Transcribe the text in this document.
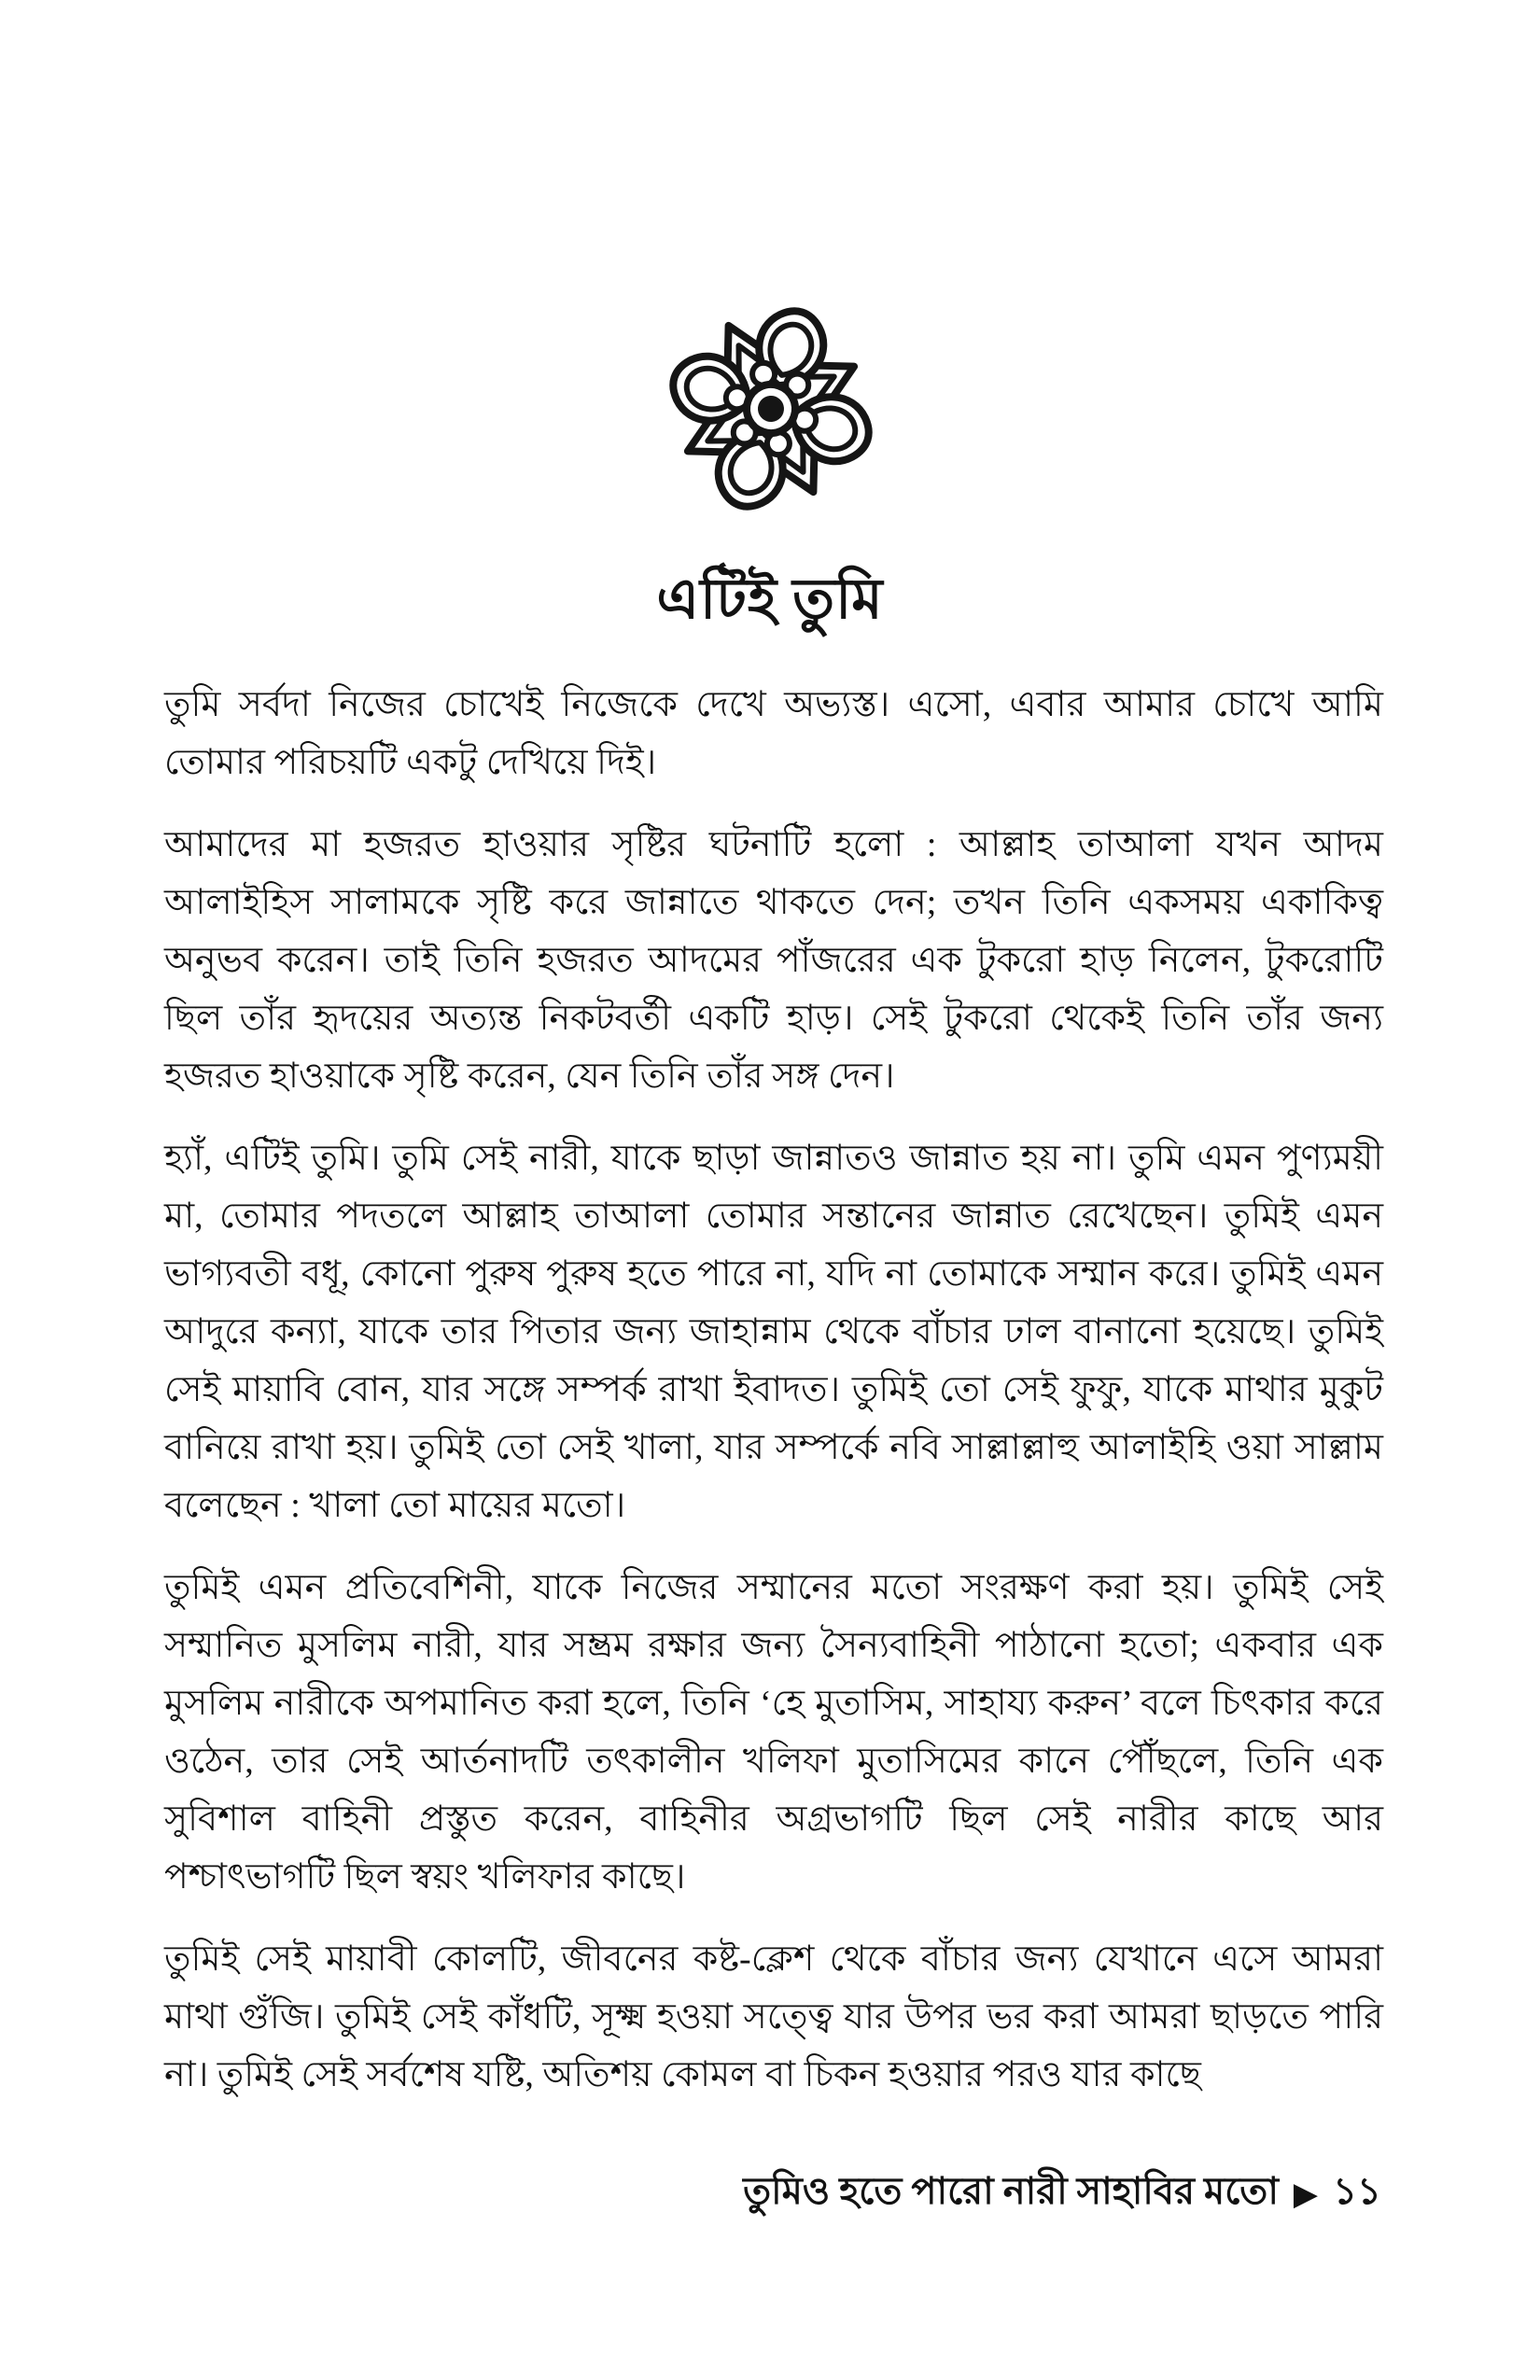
এটিই তুমি

তুমি সর্বদা নিজের চোখেই নিজেকে দেখে অভ্যস্ত। এসো, এবার আমার চোখে আমি তোমার পরিচয়টি একটু দেখিয়ে দিই।

আমাদের মা হজরত হাওয়ার সৃষ্টির ঘটনাটি হলো : আল্লাহ তাআলা যখন আদম আলাইহিস সালামকে সৃষ্টি করে জান্নাতে থাকতে দেন; তখন তিনি একসময় একাকিত্ব অনুভব করেন। তাই তিনি হজরত আদমের পাঁজরের এক টুকরো হাড় নিলেন, টুকরোটি ছিল তাঁর হৃদয়ের অত্যন্ত নিকটবর্তী একটি হাড়। সেই টুকরো থেকেই তিনি তাঁর জন্য হজরত হাওয়াকে সৃষ্টি করেন, যেন তিনি তাঁর সঙ্গ দেন।

হ্যাঁ, এটিই তুমি। তুমি সেই নারী, যাকে ছাড়া জান্নাতও জান্নাত হয় না। তুমি এমন পুণ্যময়ী মা, তোমার পদতলে আল্লাহ তাআলা তোমার সন্তানের জান্নাত রেখেছেন। তুমিই এমন ভাগ্যবতী বধূ, কোনো পুরুষ পুরুষ হতে পারে না, যদি না তোমাকে সম্মান করে। তুমিই এমন আদুরে কন্যা, যাকে তার পিতার জন্য জাহান্নাম থেকে বাঁচার ঢাল বানানো হয়েছে। তুমিই সেই মায়াবি বোন, যার সঙ্গে সম্পর্ক রাখা ইবাদত। তুমিই তো সেই ফুফু, যাকে মাথার মুকুট বানিয়ে রাখা হয়। তুমিই তো সেই খালা, যার সম্পর্কে নবি সাল্লাল্লাহু আলাইহি ওয়া সাল্লাম বলেছেন : খালা তো মায়ের মতো।

তুমিই এমন প্রতিবেশিনী, যাকে নিজের সম্মানের মতো সংরক্ষণ করা হয়। তুমিই সেই সম্মানিত মুসলিম নারী, যার সম্ভ্রম রক্ষার জন্য সৈন্যবাহিনী পাঠানো হতো; একবার এক মুসলিম নারীকে অপমানিত করা হলে, তিনি ‘হে মুতাসিম, সাহায্য করুন’ বলে চিৎকার করে ওঠেন, তার সেই আর্তনাদটি তৎকালীন খলিফা মুতাসিমের কানে পৌঁছলে, তিনি এক সুবিশাল বাহিনী প্রস্তুত করেন, বাহিনীর অগ্রভাগটি ছিল সেই নারীর কাছে আর পশ্চাৎভাগটি ছিল স্বয়ং খলিফার কাছে।

তুমিই সেই মায়াবী কোলটি, জীবনের কষ্ট-ক্লেশ থেকে বাঁচার জন্য যেখানে এসে আমরা মাথা গুঁজি। তুমিই সেই কাঁধটি, সূক্ষ্ম হওয়া সত্ত্বে যার উপর ভর করা আমরা ছাড়তে পারি না। তুমিই সেই সর্বশেষ যষ্টি, অতিশয় কোমল বা চিকন হওয়ার পরও যার কাছে

তুমিও হতে পারো নারী সাহাবির মতো ▶ ১১
